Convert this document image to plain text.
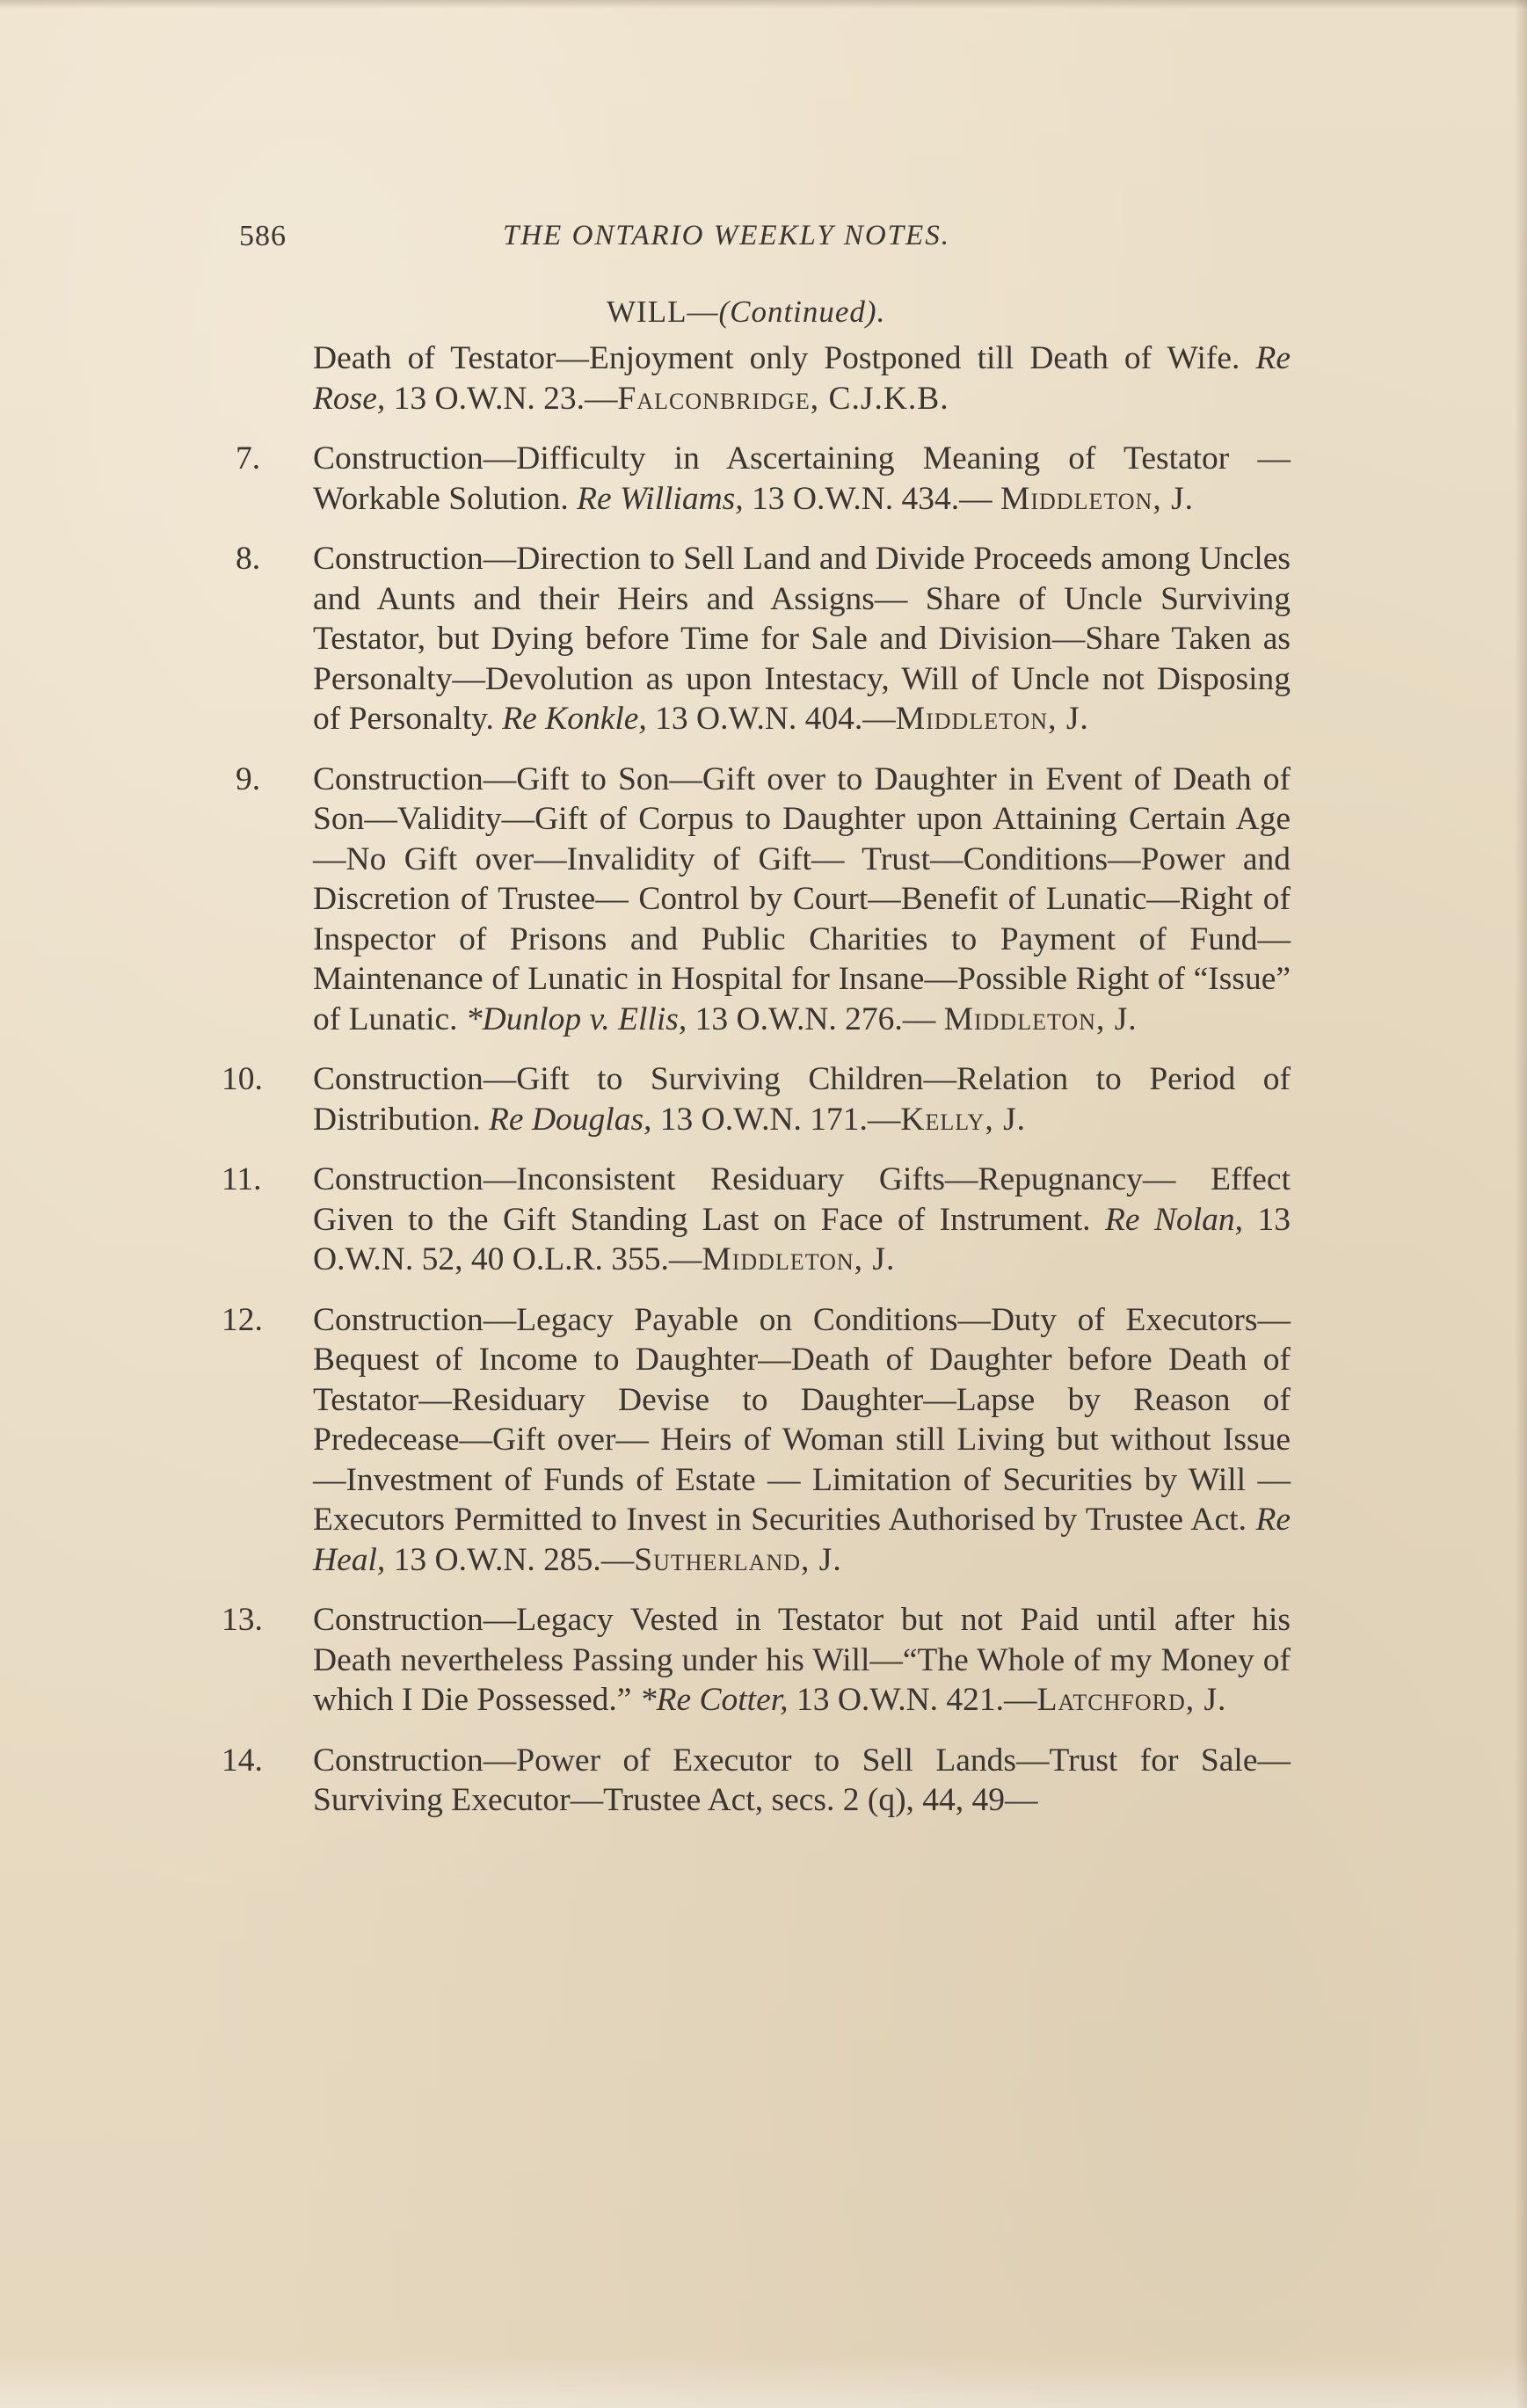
586	THE ONTARIO WEEKLY NOTES.
WILL—(Continued).
Death of Testator—Enjoyment only Postponed till Death of Wife. Re Rose, 13 O.W.N. 23.—Falconbridge, C.J.K.B.
7.	Construction—Difficulty in Ascertaining Meaning of Testator —Workable Solution. Re Williams, 13 O.W.N. 434.— Middleton, J.
8.	Construction—Direction to Sell Land and Divide Proceeds among Uncles and Aunts and their Heirs and Assigns— Share of Uncle Surviving Testator, but Dying before Time for Sale and Division—Share Taken as Personalty—Devolution as upon Intestacy, Will of Uncle not Disposing of Personalty. Re Konkle, 13 O.W.N. 404.—Middleton, J.
9.	Construction—Gift to Son—Gift over to Daughter in Event of Death of Son—Validity—Gift of Corpus to Daughter upon Attaining Certain Age—No Gift over—Invalidity of Gift— Trust—Conditions—Power and Discretion of Trustee— Control by Court—Benefit of Lunatic—Right of Inspector of Prisons and Public Charities to Payment of Fund—Maintenance of Lunatic in Hospital for Insane—Possible Right of “Issue” of Lunatic. *Dunlop v. Ellis, 13 O.W.N. 276.— Middleton, J.
10.	Construction—Gift to Surviving Children—Relation to Period of Distribution. Re Douglas, 13 O.W.N. 171.—Kelly, J.
11.	Construction—Inconsistent Residuary Gifts—Repugnancy— Effect Given to the Gift Standing Last on Face of Instrument. Re Nolan, 13 O.W.N. 52, 40 O.L.R. 355.—Middleton, J.
12.	Construction—Legacy Payable on Conditions—Duty of Executors—Bequest of Income to Daughter—Death of Daughter before Death of Testator—Residuary Devise to Daughter—Lapse by Reason of Predecease—Gift over— Heirs of Woman still Living but without Issue—Investment of Funds of Estate — Limitation of Securities by Will — Executors Permitted to Invest in Securities Authorised by Trustee Act. Re Heal, 13 O.W.N. 285.—Sutherland, J.
13.	Construction—Legacy Vested in Testator but not Paid until after his Death nevertheless Passing under his Will—“The Whole of my Money of which I Die Possessed.” *Re Cotter, 13 O.W.N. 421.—Latchford, J.
14.	Construction—Power of Executor to Sell Lands—Trust for Sale—Surviving Executor—Trustee Act, secs. 2 (q), 44, 49—
